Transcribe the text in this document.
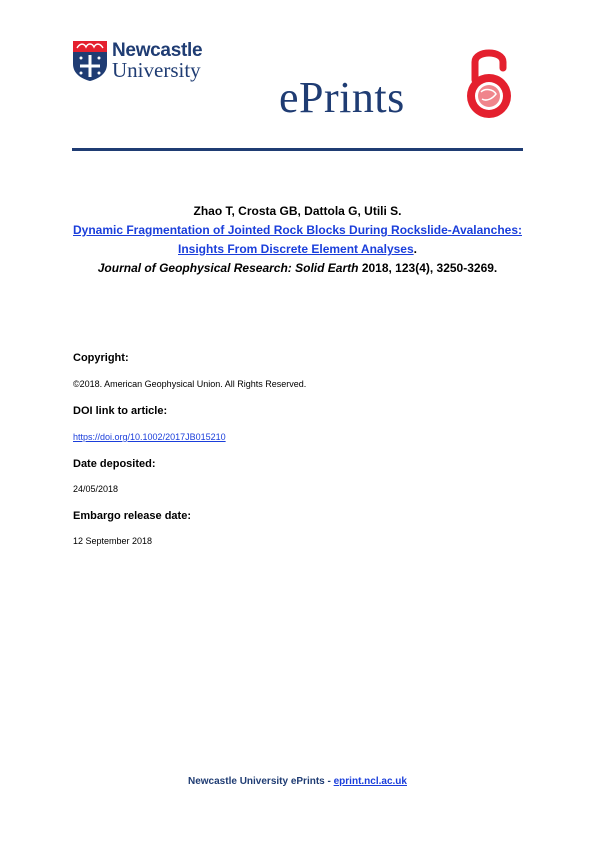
Newcastle
University
ePrints
Zhao T, Crosta GB, Dattola G, Utili S.
Dynamic Fragmentation of Jointed Rock Blocks During Rockslide-Avalanches:
Insights From Discrete Element Analyses.
Journal of Geophysical Research: Solid Earth 2018, 123(4), 3250-3269.
Copyright:
©2018. American Geophysical Union. All Rights Reserved.
DOI link to article:
https://doi.org/10.1002/2017JB015210
Date deposited:
24/05/2018
Embargo release date:
12 September 2018
Newcastle University ePrints - eprint.ncl.ac.uk
